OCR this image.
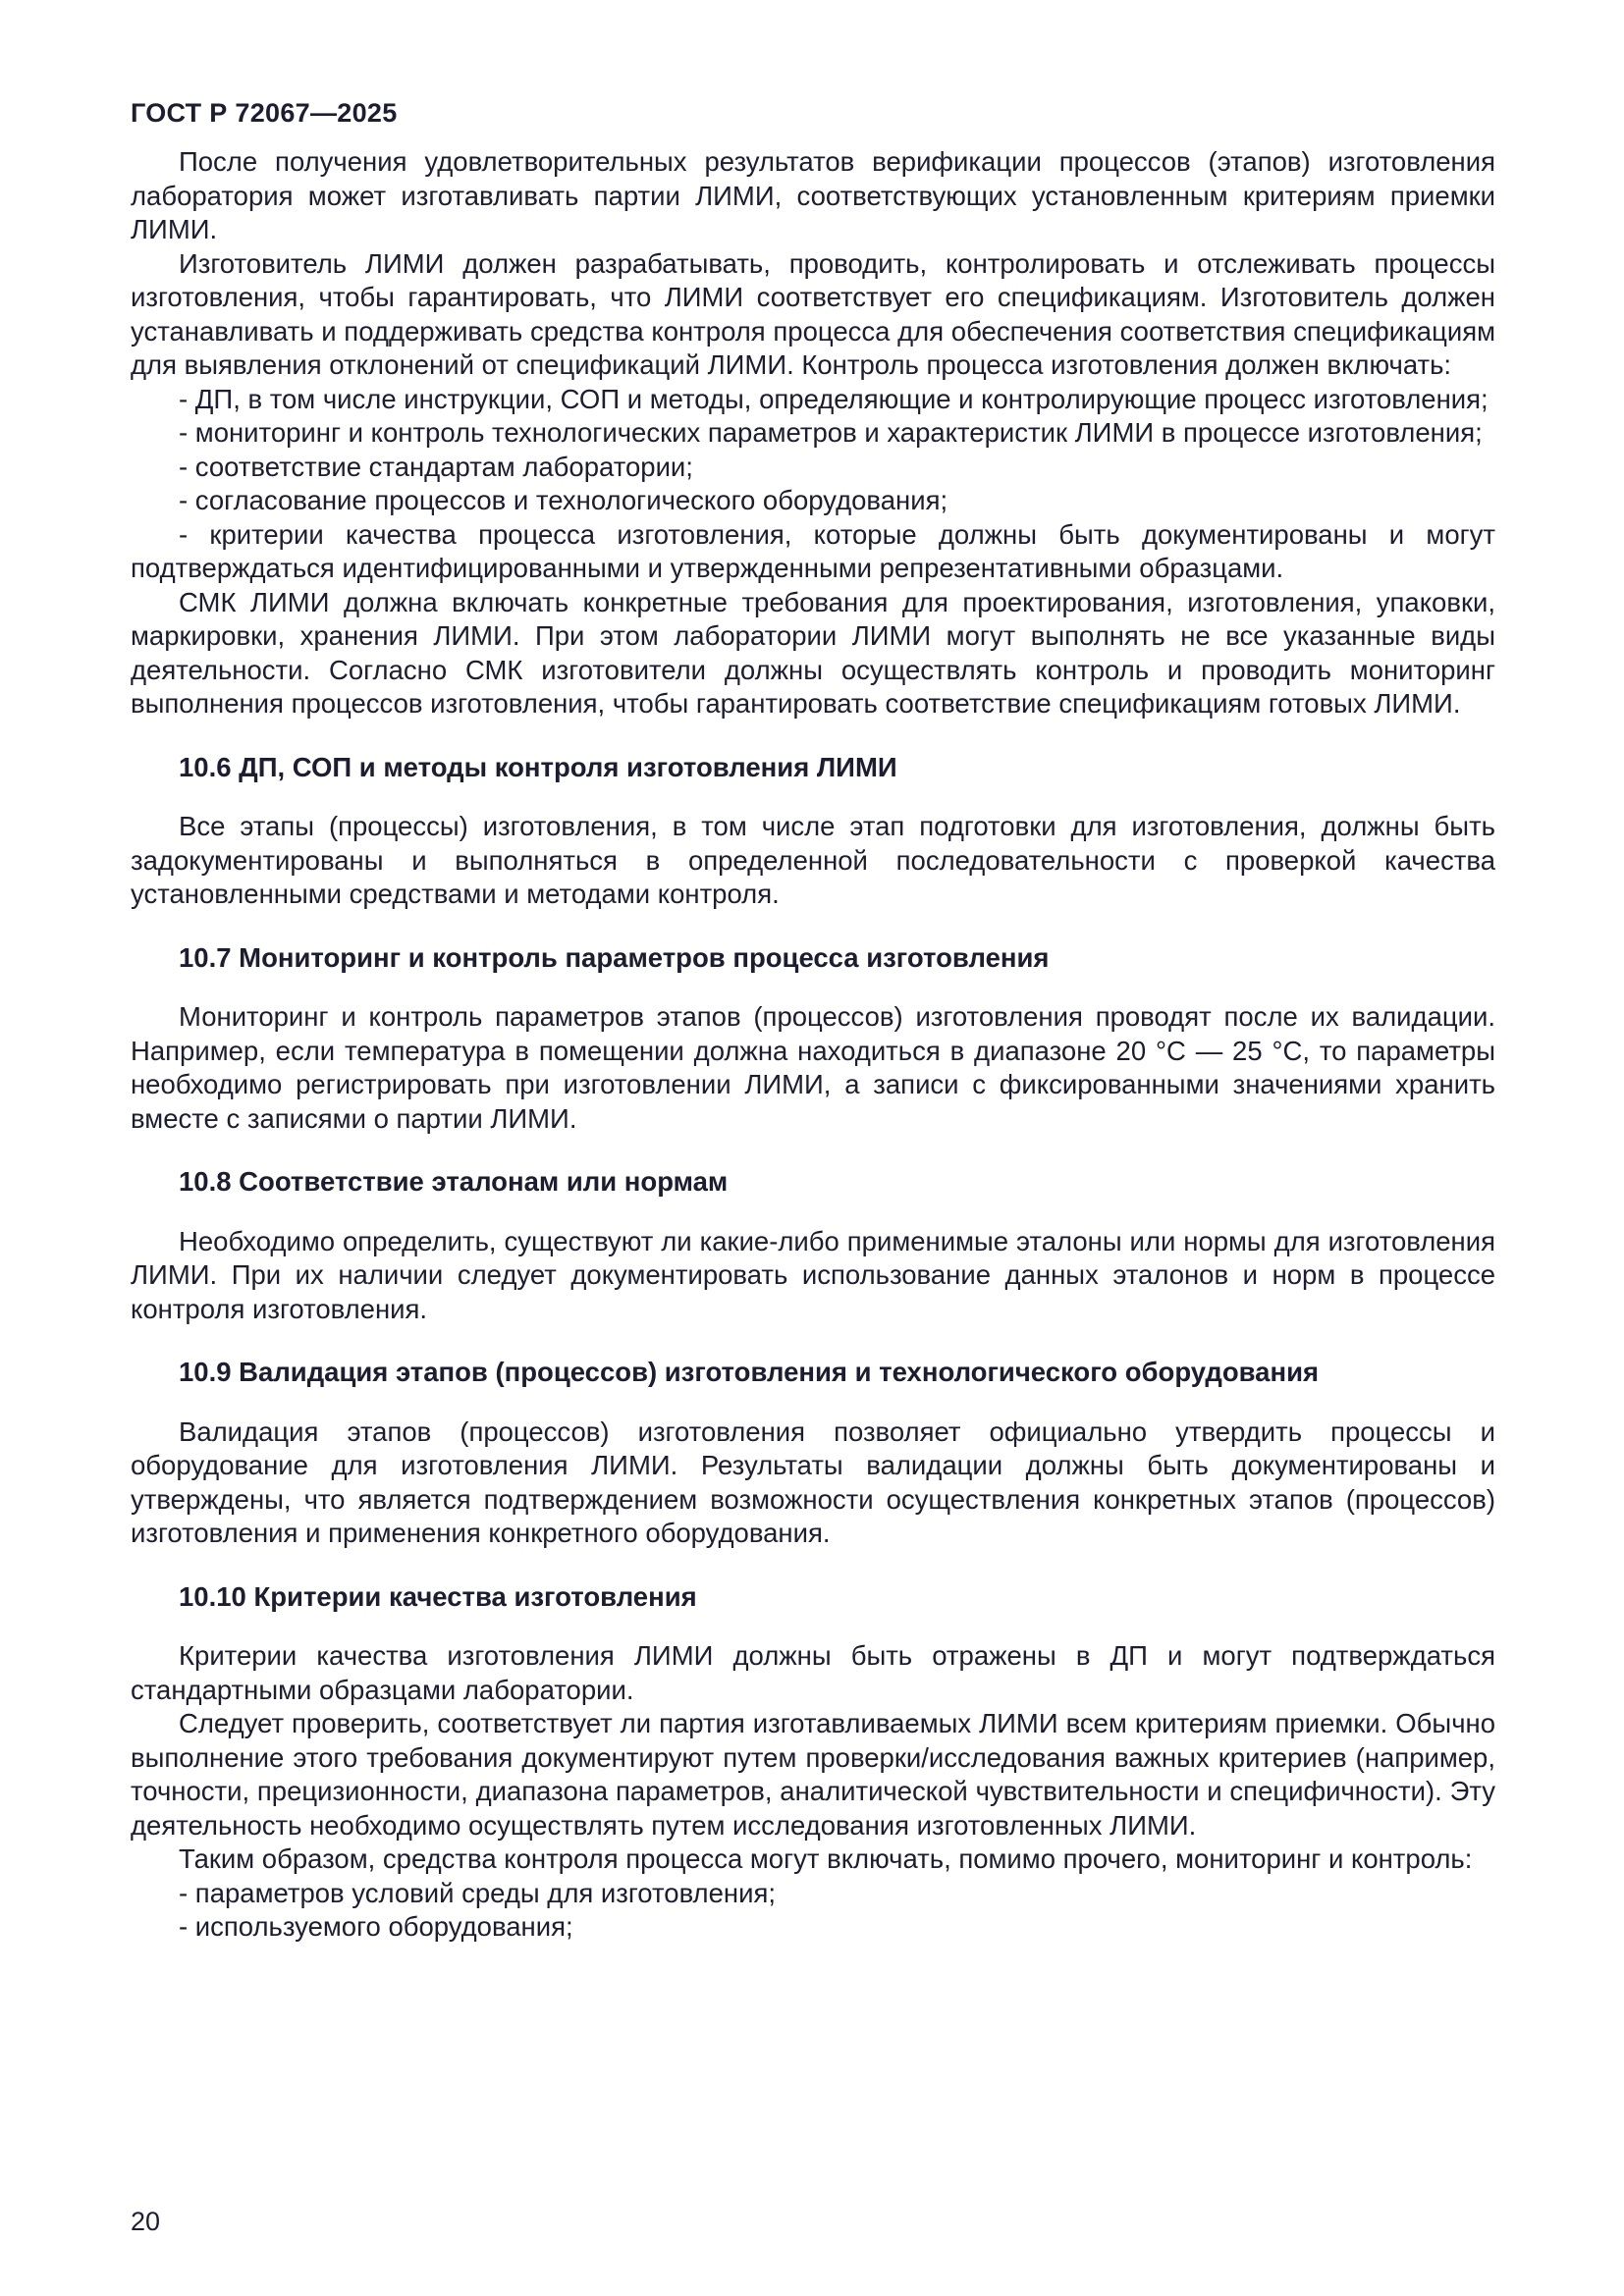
ГОСТ Р 72067—2025

После получения удовлетворительных результатов верификации процессов (этапов) изготовления лаборатория может изготавливать партии ЛИМИ, соответствующих установленным критериям приемки ЛИМИ.

Изготовитель ЛИМИ должен разрабатывать, проводить, контролировать и отслеживать процессы изготовления, чтобы гарантировать, что ЛИМИ соответствует его спецификациям. Изготовитель должен устанавливать и поддерживать средства контроля процесса для обеспечения соответствия спецификациям для выявления отклонений от спецификаций ЛИМИ. Контроль процесса изготовления должен включать:

- ДП, в том числе инструкции, СОП и методы, определяющие и контролирующие процесс изготовления;

- мониторинг и контроль технологических параметров и характеристик ЛИМИ в процессе изготовления;

- соответствие стандартам лаборатории;

- согласование процессов и технологического оборудования;

- критерии качества процесса изготовления, которые должны быть документированы и могут подтверждаться идентифицированными и утвержденными репрезентативными образцами.

СМК ЛИМИ должна включать конкретные требования для проектирования, изготовления, упаковки, маркировки, хранения ЛИМИ. При этом лаборатории ЛИМИ могут выполнять не все указанные виды деятельности. Согласно СМК изготовители должны осуществлять контроль и проводить мониторинг выполнения процессов изготовления, чтобы гарантировать соответствие спецификациям готовых ЛИМИ.

10.6 ДП, СОП и методы контроля изготовления ЛИМИ

Все этапы (процессы) изготовления, в том числе этап подготовки для изготовления, должны быть задокументированы и выполняться в определенной последовательности с проверкой качества установленными средствами и методами контроля.

10.7 Мониторинг и контроль параметров процесса изготовления

Мониторинг и контроль параметров этапов (процессов) изготовления проводят после их валидации. Например, если температура в помещении должна находиться в диапазоне 20 °C — 25 °C, то параметры необходимо регистрировать при изготовлении ЛИМИ, а записи с фиксированными значениями хранить вместе с записями о партии ЛИМИ.

10.8 Соответствие эталонам или нормам

Необходимо определить, существуют ли какие-либо применимые эталоны или нормы для изготовления ЛИМИ. При их наличии следует документировать использование данных эталонов и норм в процессе контроля изготовления.

10.9 Валидация этапов (процессов) изготовления и технологического оборудования

Валидация этапов (процессов) изготовления позволяет официально утвердить процессы и оборудование для изготовления ЛИМИ. Результаты валидации должны быть документированы и утверждены, что является подтверждением возможности осуществления конкретных этапов (процессов) изготовления и применения конкретного оборудования.

10.10 Критерии качества изготовления

Критерии качества изготовления ЛИМИ должны быть отражены в ДП и могут подтверждаться стандартными образцами лаборатории.

Следует проверить, соответствует ли партия изготавливаемых ЛИМИ всем критериям приемки. Обычно выполнение этого требования документируют путем проверки/исследования важных критериев (например, точности, прецизионности, диапазона параметров, аналитической чувствительности и специфичности). Эту деятельность необходимо осуществлять путем исследования изготовленных ЛИМИ.

Таким образом, средства контроля процесса могут включать, помимо прочего, мониторинг и контроль:

- параметров условий среды для изготовления;

- используемого оборудования;

20
